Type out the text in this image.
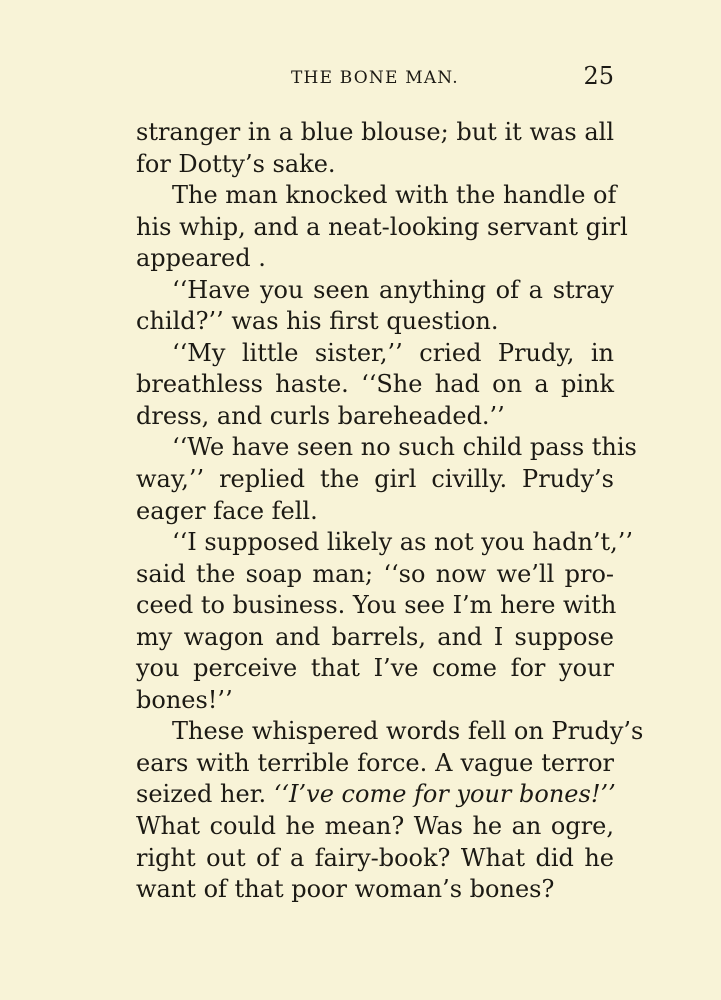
THE BONE MAN.	25
stranger in a blue blouse; but it was all
for Dotty’s sake.
The man knocked with the handle of
his whip, and a neat-looking servant girl
appeared .
‘‘Have you seen anything of a stray
child?’’ was his first question.
‘‘My little sister,’’ cried Prudy, in
breathless haste. ‘‘She had on a pink
dress, and curls bareheaded.’’
‘‘We have seen no such child pass this
way,’’ replied the girl civilly. Prudy’s
eager face fell.
‘‘I supposed likely as not you hadn’t,’’
said the soap man; ‘‘so now we’ll pro-
ceed to business. You see I’m here with
my wagon and barrels, and I suppose
you perceive that I’ve come for your
bones!’’
These whispered words fell on Prudy’s
ears with terrible force. A vague terror
seized her. ‘‘I’ve come for your bones!’’
What could he mean? Was he an ogre,
right out of a fairy-book? What did he
want of that poor woman’s bones?
